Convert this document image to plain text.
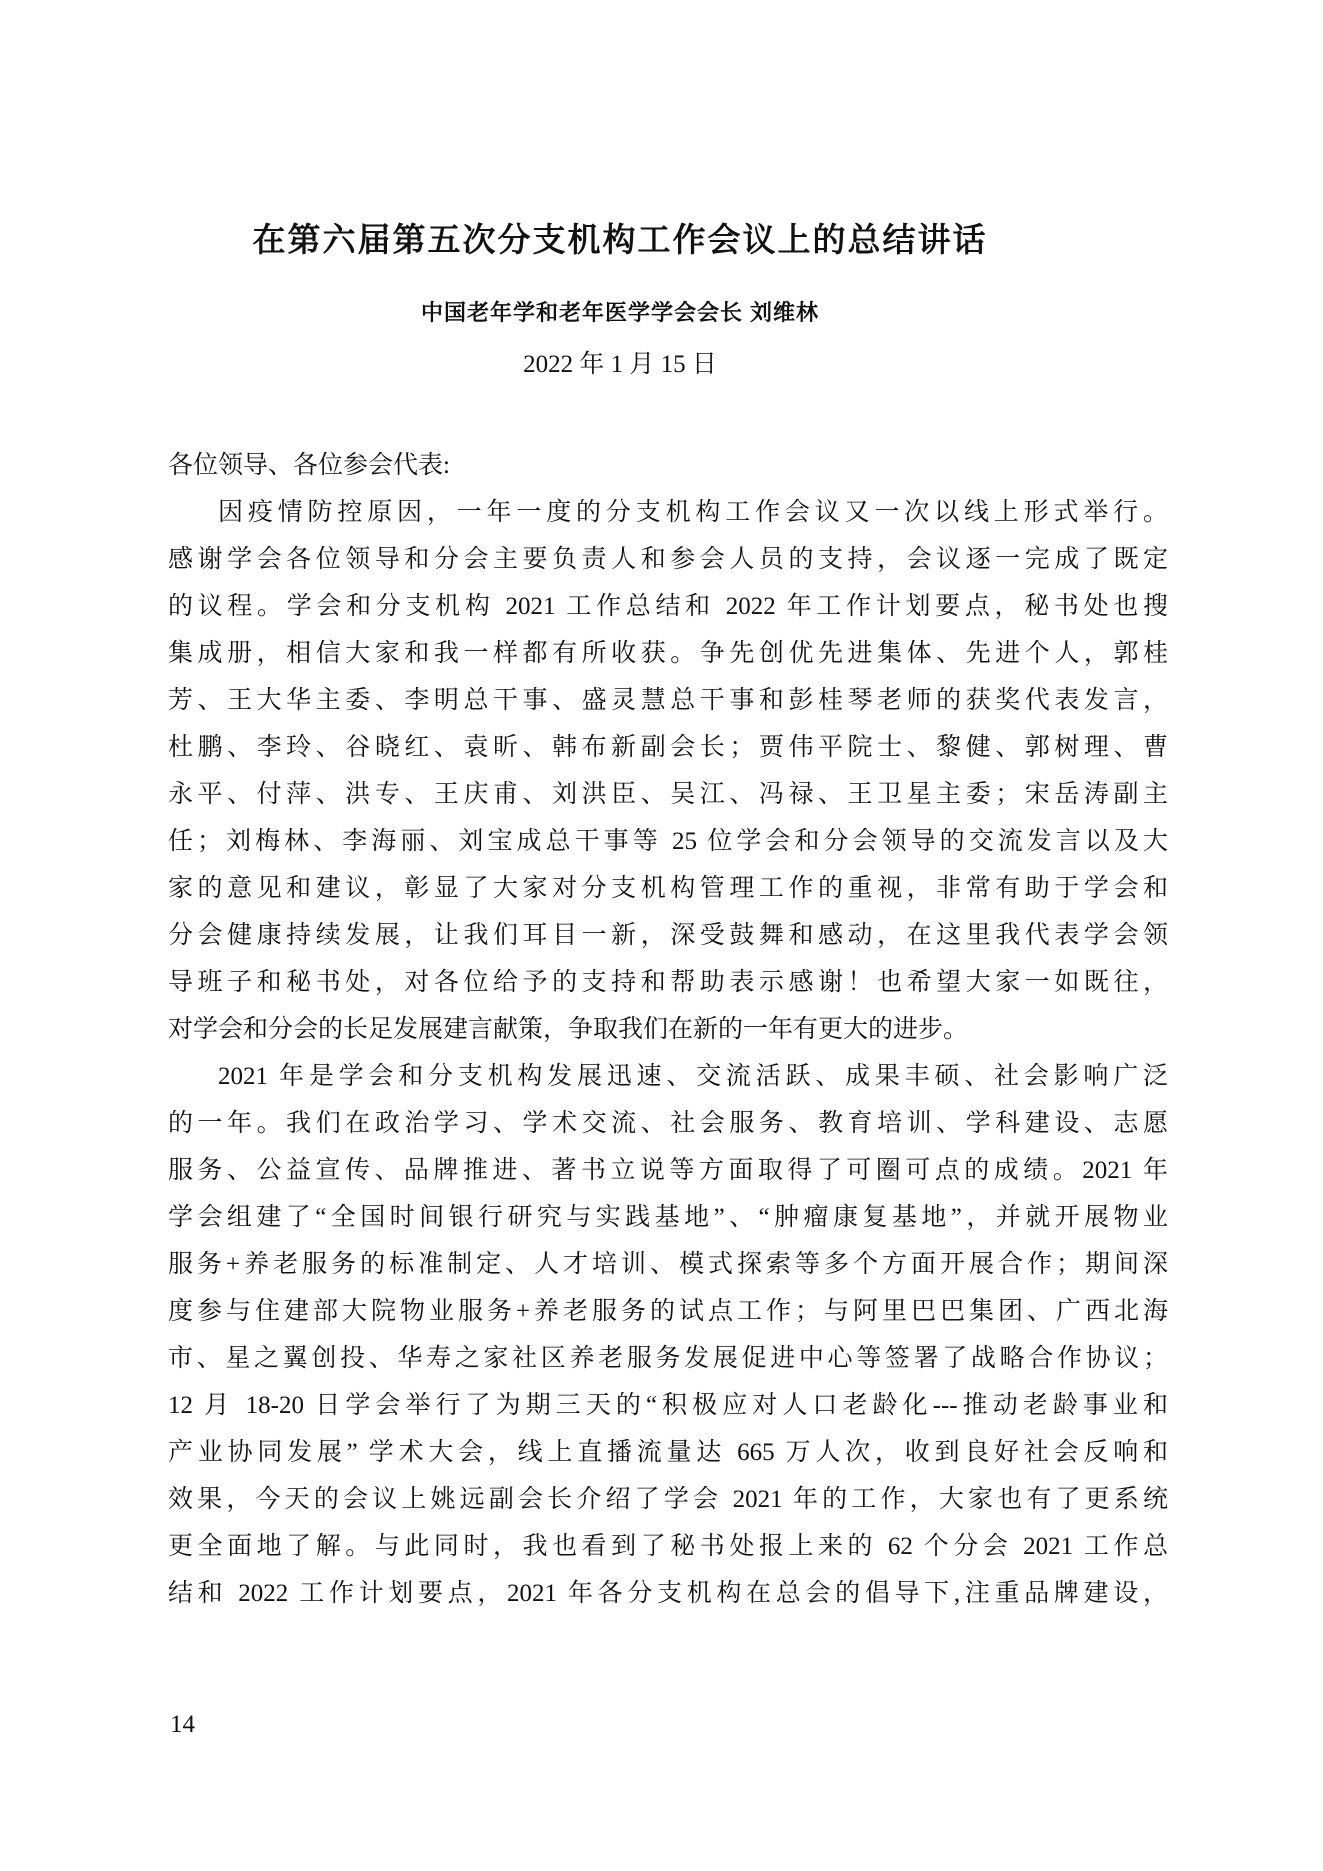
在第六届第五次分支机构工作会议上的总结讲话
中国老年学和老年医学学会会长 刘维林
2022 年 1 月 15 日
各位领导、各位参会代表:
因疫情防控原因，一年一度的分支机构工作会议又一次以线上形式举行。
感谢学会各位领导和分会主要负责人和参会人员的支持，会议逐一完成了既定
的议程。学会和分支机构 2021 工作总结和 2022 年工作计划要点，秘书处也搜
集成册，相信大家和我一样都有所收获。争先创优先进集体、先进个人，郭桂
芳、王大华主委、李明总干事、盛灵慧总干事和彭桂琴老师的获奖代表发言，
杜鹏、李玲、谷晓红、袁昕、韩布新副会长；贾伟平院士、黎健、郭树理、曹
永平、付萍、洪专、王庆甫、刘洪臣、吴江、冯禄、王卫星主委；宋岳涛副主
任；刘梅林、李海丽、刘宝成总干事等 25 位学会和分会领导的交流发言以及大
家的意见和建议，彰显了大家对分支机构管理工作的重视，非常有助于学会和
分会健康持续发展，让我们耳目一新，深受鼓舞和感动，在这里我代表学会领
导班子和秘书处，对各位给予的支持和帮助表示感谢！也希望大家一如既往，
对学会和分会的长足发展建言献策，争取我们在新的一年有更大的进步。
2021 年是学会和分支机构发展迅速、交流活跃、成果丰硕、社会影响广泛
的一年。我们在政治学习、学术交流、社会服务、教育培训、学科建设、志愿
服务、公益宣传、品牌推进、著书立说等方面取得了可圈可点的成绩。2021 年
学会组建了“全国时间银行研究与实践基地”、“肿瘤康复基地”，并就开展物业
服务+养老服务的标准制定、人才培训、模式探索等多个方面开展合作；期间深
度参与住建部大院物业服务+养老服务的试点工作；与阿里巴巴集团、广西北海
市、星之翼创投、华寿之家社区养老服务发展促进中心等签署了战略合作协议；
12 月 18-20 日学会举行了为期三天的“积极应对人口老龄化---推动老龄事业和
产业协同发展” 学术大会，线上直播流量达 665 万人次，收到良好社会反响和
效果，今天的会议上姚远副会长介绍了学会 2021 年的工作，大家也有了更系统
更全面地了解。与此同时，我也看到了秘书处报上来的 62 个分会 2021 工作总
结和 2022 工作计划要点，2021 年各分支机构在总会的倡导下,注重品牌建设，
14
